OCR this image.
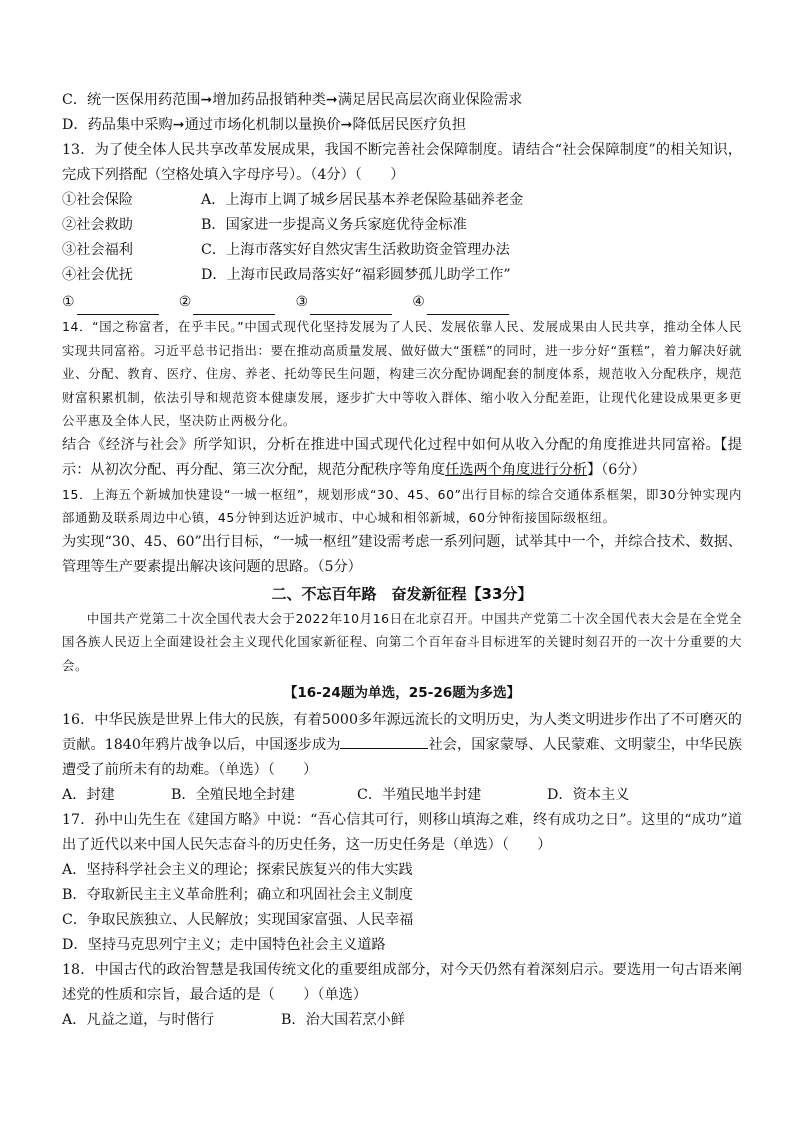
C．统一医保用药范围➞增加药品报销种类➞满足居民高层次商业保险需求
D．药品集中采购➞通过市场化机制以量换价➞降低居民医疗负担
13．为了使全体人民共享改革发展成果，我国不断完善社会保障制度。请结合“社会保障制度”的相关知识，完成下列搭配（空格处填入字母序号）。（4分）（　　）
①社会保险	A．上海市上调了城乡居民基本养老保险基础养老金
②社会救助	B．国家进一步提高义务兵家庭优待金标准
③社会福利	C．上海市落实好自然灾害生活救助资金管理办法
④社会优抚	D．上海市民政局落实好“福彩圆梦孤儿助学工作”
①	②	③	④
14．“国之称富者，在乎丰民。”中国式现代化坚持发展为了人民、发展依靠人民、发展成果由人民共享，推动全体人民实现共同富裕。习近平总书记指出：要在推动高质量发展、做好做大“蛋糕”的同时，进一步分好“蛋糕”，着力解决好就业、分配、教育、医疗、住房、养老、托幼等民生问题，构建三次分配协调配套的制度体系，规范收入分配秩序，规范财富积累机制，依法引导和规范资本健康发展，逐步扩大中等收入群体、缩小收入分配差距，让现代化建设成果更多更公平惠及全体人民，坚决防止两极分化。
结合《经济与社会》所学知识，分析在推进中国式现代化过程中如何从收入分配的角度推进共同富裕。【提示：从初次分配、再分配、第三次分配，规范分配秩序等角度任选两个角度进行分析】（6分）
15．上海五个新城加快建设“一城一枢纽”，规划形成“30、45、60”出行目标的综合交通体系框架，即30分钟实现内部通勤及联系周边中心镇，45分钟到达近沪城市、中心城和相邻新城，60分钟衔接国际级枢纽。
为实现“30、45、60”出行目标，“一城一枢纽”建设需考虑一系列问题，试举其中一个，并综合技术、数据、管理等生产要素提出解决该问题的思路。（5分）
二、不忘百年路　奋发新征程【33分】
中国共产党第二十次全国代表大会于2022年10月16日在北京召开。中国共产党第二十次全国代表大会是在全党全国各族人民迈上全面建设社会主义现代化国家新征程、向第二个百年奋斗目标进军的关键时刻召开的一次十分重要的大会。
【16-24题为单选，25-26题为多选】
16．中华民族是世界上伟大的民族，有着5000多年源远流长的文明历史，为人类文明进步作出了不可磨灭的贡献。1840年鸦片战争以后，中国逐步成为	社会，国家蒙辱、人民蒙难、文明蒙尘，中华民族遭受了前所未有的劫难。（单选）（　　）
A．封建	B．全殖民地全封建	C．半殖民地半封建	D．资本主义
17．孙中山先生在《建国方略》中说：“吾心信其可行，则移山填海之难，终有成功之日”。这里的“成功”道出了近代以来中国人民矢志奋斗的历史任务，这一历史任务是（单选）（　　）
A．坚持科学社会主义的理论；探索民族复兴的伟大实践
B．夺取新民主主义革命胜利；确立和巩固社会主义制度
C．争取民族独立、人民解放；实现国家富强、人民幸福
D．坚持马克思列宁主义；走中国特色社会主义道路
18．中国古代的政治智慧是我国传统文化的重要组成部分，对今天仍然有着深刻启示。要选用一句古语来阐述党的性质和宗旨，最合适的是（　　）（单选）
A．凡益之道，与时偕行	B．治大国若烹小鲜
